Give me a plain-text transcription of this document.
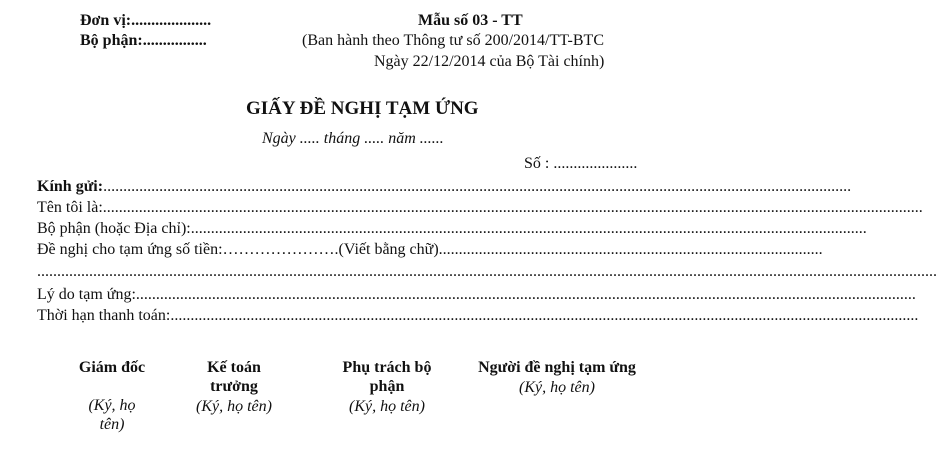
Đơn vị:....................
Bộ phận:................
Mẫu số 03 - TT
(Ban hành theo Thông tư số 200/2014/TT-BTC
Ngày 22/12/2014 của Bộ Tài chính)
GIẤY ĐỀ NGHỊ TẠM ỨNG
Ngày ..... tháng ..... năm ......
Số : .....................
Kính gửi:...........................................................................................................................................................................................
Tên tôi là:.............................................................................................................................................................................................................
Bộ phận (hoặc Địa chỉ):.........................................................................................................................................................................
Đề nghị cho tạm ứng số tiền:………………….(Viết bằng chữ)................................................................................................
.................................................................................................................................................................................................................................
Lý do tạm ứng:...................................................................................................................................................................................................
Thời hạn thanh toán:...........................................................................................................................................................................................
Giám đốc
(Ký, họ tên)
Kế toán trưởng
(Ký, họ tên)
Phụ trách bộ phận
(Ký, họ tên)
Người đề nghị tạm ứng
(Ký, họ tên)
